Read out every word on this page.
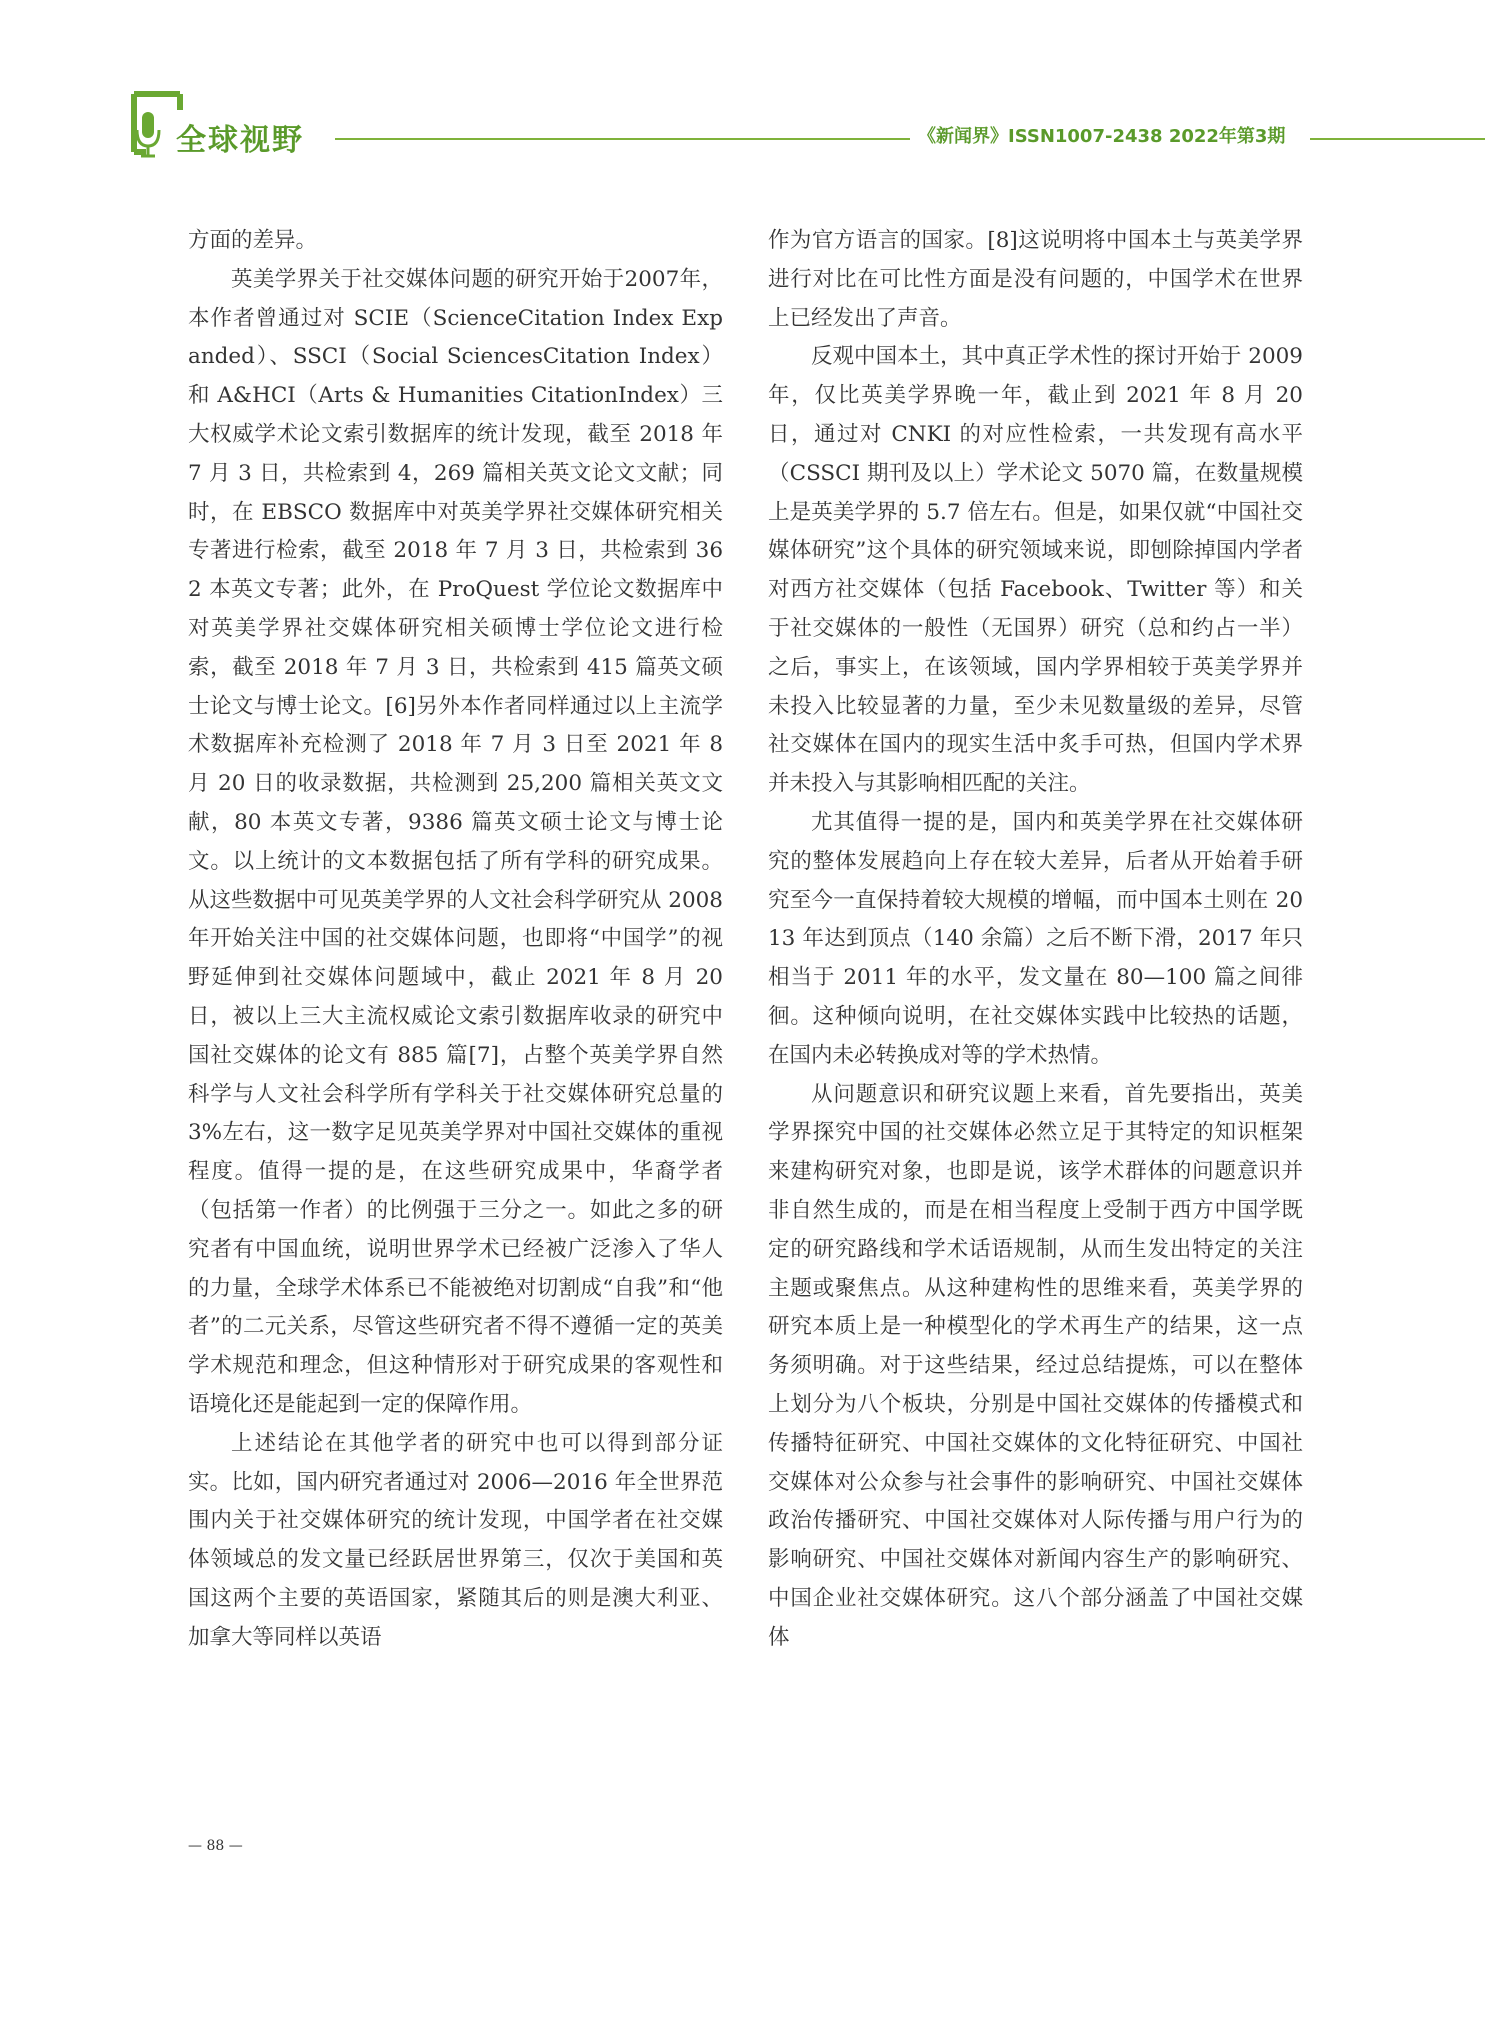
全球视野	《新闻界》ISSN1007-2438 2022年第3期

方面的差异。

英美学界关于社交媒体问题的研究开始于2007年，本作者曾通过对 SCIE（ScienceCitation Index Expanded）、SSCI（Social SciencesCitation Index）和 A&HCI（Arts & Humanities CitationIndex）三大权威学术论文索引数据库的统计发现，截至 2018 年 7 月 3 日，共检索到 4，269 篇相关英文论文文献；同时，在 EBSCO 数据库中对英美学界社交媒体研究相关专著进行检索，截至 2018 年 7 月 3 日，共检索到 362 本英文专著；此外，在 ProQuest 学位论文数据库中对英美学界社交媒体研究相关硕博士学位论文进行检索，截至 2018 年 7 月 3 日，共检索到 415 篇英文硕士论文与博士论文。[6]另外本作者同样通过以上主流学术数据库补充检测了 2018 年 7 月 3 日至 2021 年 8 月 20 日的收录数据，共检测到 25,200 篇相关英文文献，80 本英文专著，9386 篇英文硕士论文与博士论文。以上统计的文本数据包括了所有学科的研究成果。从这些数据中可见英美学界的人文社会科学研究从 2008 年开始关注中国的社交媒体问题，也即将“中国学”的视野延伸到社交媒体问题域中，截止 2021 年 8 月 20 日，被以上三大主流权威论文索引数据库收录的研究中国社交媒体的论文有 885 篇[7]，占整个英美学界自然科学与人文社会科学所有学科关于社交媒体研究总量的 3%左右，这一数字足见英美学界对中国社交媒体的重视程度。值得一提的是，在这些研究成果中，华裔学者（包括第一作者）的比例强于三分之一。如此之多的研究者有中国血统，说明世界学术已经被广泛渗入了华人的力量，全球学术体系已不能被绝对切割成“自我”和“他者”的二元关系，尽管这些研究者不得不遵循一定的英美学术规范和理念，但这种情形对于研究成果的客观性和语境化还是能起到一定的保障作用。

上述结论在其他学者的研究中也可以得到部分证实。比如，国内研究者通过对 2006—2016 年全世界范围内关于社交媒体研究的统计发现，中国学者在社交媒体领域总的发文量已经跃居世界第三，仅次于美国和英国这两个主要的英语国家，紧随其后的则是澳大利亚、加拿大等同样以英语

作为官方语言的国家。[8]这说明将中国本土与英美学界进行对比在可比性方面是没有问题的，中国学术在世界上已经发出了声音。

反观中国本土，其中真正学术性的探讨开始于 2009 年，仅比英美学界晚一年，截止到 2021 年 8 月 20 日，通过对 CNKI 的对应性检索，一共发现有高水平（CSSCI 期刊及以上）学术论文 5070 篇，在数量规模上是英美学界的 5.7 倍左右。但是，如果仅就“中国社交媒体研究”这个具体的研究领域来说，即刨除掉国内学者对西方社交媒体（包括 Facebook、Twitter 等）和关于社交媒体的一般性（无国界）研究（总和约占一半）之后，事实上，在该领域，国内学界相较于英美学界并未投入比较显著的力量，至少未见数量级的差异，尽管社交媒体在国内的现实生活中炙手可热，但国内学术界并未投入与其影响相匹配的关注。

尤其值得一提的是，国内和英美学界在社交媒体研究的整体发展趋向上存在较大差异，后者从开始着手研究至今一直保持着较大规模的增幅，而中国本土则在 2013 年达到顶点（140 余篇）之后不断下滑，2017 年只相当于 2011 年的水平，发文量在 80—100 篇之间徘徊。这种倾向说明，在社交媒体实践中比较热的话题，在国内未必转换成对等的学术热情。

从问题意识和研究议题上来看，首先要指出，英美学界探究中国的社交媒体必然立足于其特定的知识框架来建构研究对象，也即是说，该学术群体的问题意识并非自然生成的，而是在相当程度上受制于西方中国学既定的研究路线和学术话语规制，从而生发出特定的关注主题或聚焦点。从这种建构性的思维来看，英美学界的研究本质上是一种模型化的学术再生产的结果，这一点务须明确。对于这些结果，经过总结提炼，可以在整体上划分为八个板块，分别是中国社交媒体的传播模式和传播特征研究、中国社交媒体的文化特征研究、中国社交媒体对公众参与社会事件的影响研究、中国社交媒体政治传播研究、中国社交媒体对人际传播与用户行为的影响研究、中国社交媒体对新闻内容生产的影响研究、中国企业社交媒体研究。这八个部分涵盖了中国社交媒体

— 88 —
